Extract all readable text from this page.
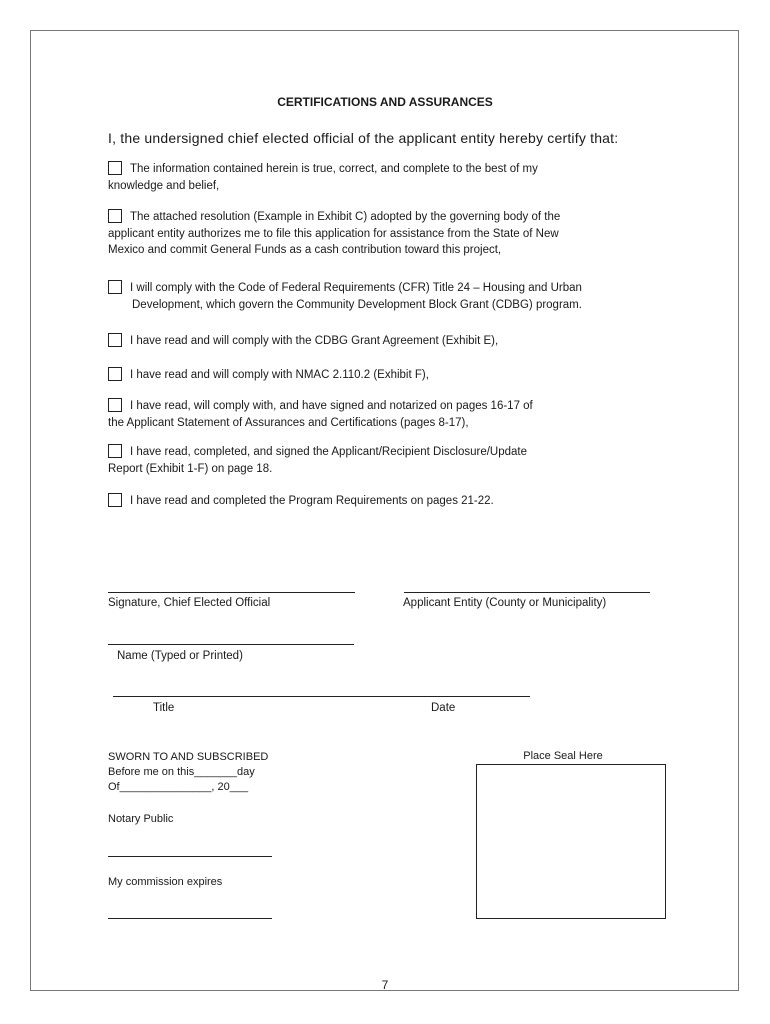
CERTIFICATIONS AND ASSURANCES
I, the undersigned chief elected official of the applicant entity hereby certify that:
The information contained herein is true, correct, and complete to the best of my
knowledge and belief,
The attached resolution (Example in Exhibit C) adopted by the governing body of the
applicant entity authorizes me to file this application for assistance from the State of New
Mexico and commit General Funds as a cash contribution toward this project,
I will comply with the Code of Federal Requirements (CFR) Title 24 – Housing and Urban
Development, which govern the Community Development Block Grant (CDBG) program.
I have read and will comply with the CDBG Grant Agreement (Exhibit E),
I have read and will comply with NMAC 2.110.2 (Exhibit F),
I have read, will comply with, and have signed and notarized on pages 16-17 of
the Applicant Statement of Assurances and Certifications (pages 8-17),
I have read, completed, and signed the Applicant/Recipient Disclosure/Update
Report (Exhibit 1-F) on page 18.
I have read and completed the Program Requirements on pages 21-22.
Signature, Chief Elected Official	Applicant Entity (County or Municipality)
Name (Typed or Printed)
Title	Date
SWORN TO AND SUBSCRIBED
Before me on this_______day
Of_______________, 20___
Notary Public
My commission expires
Place Seal Here
7
